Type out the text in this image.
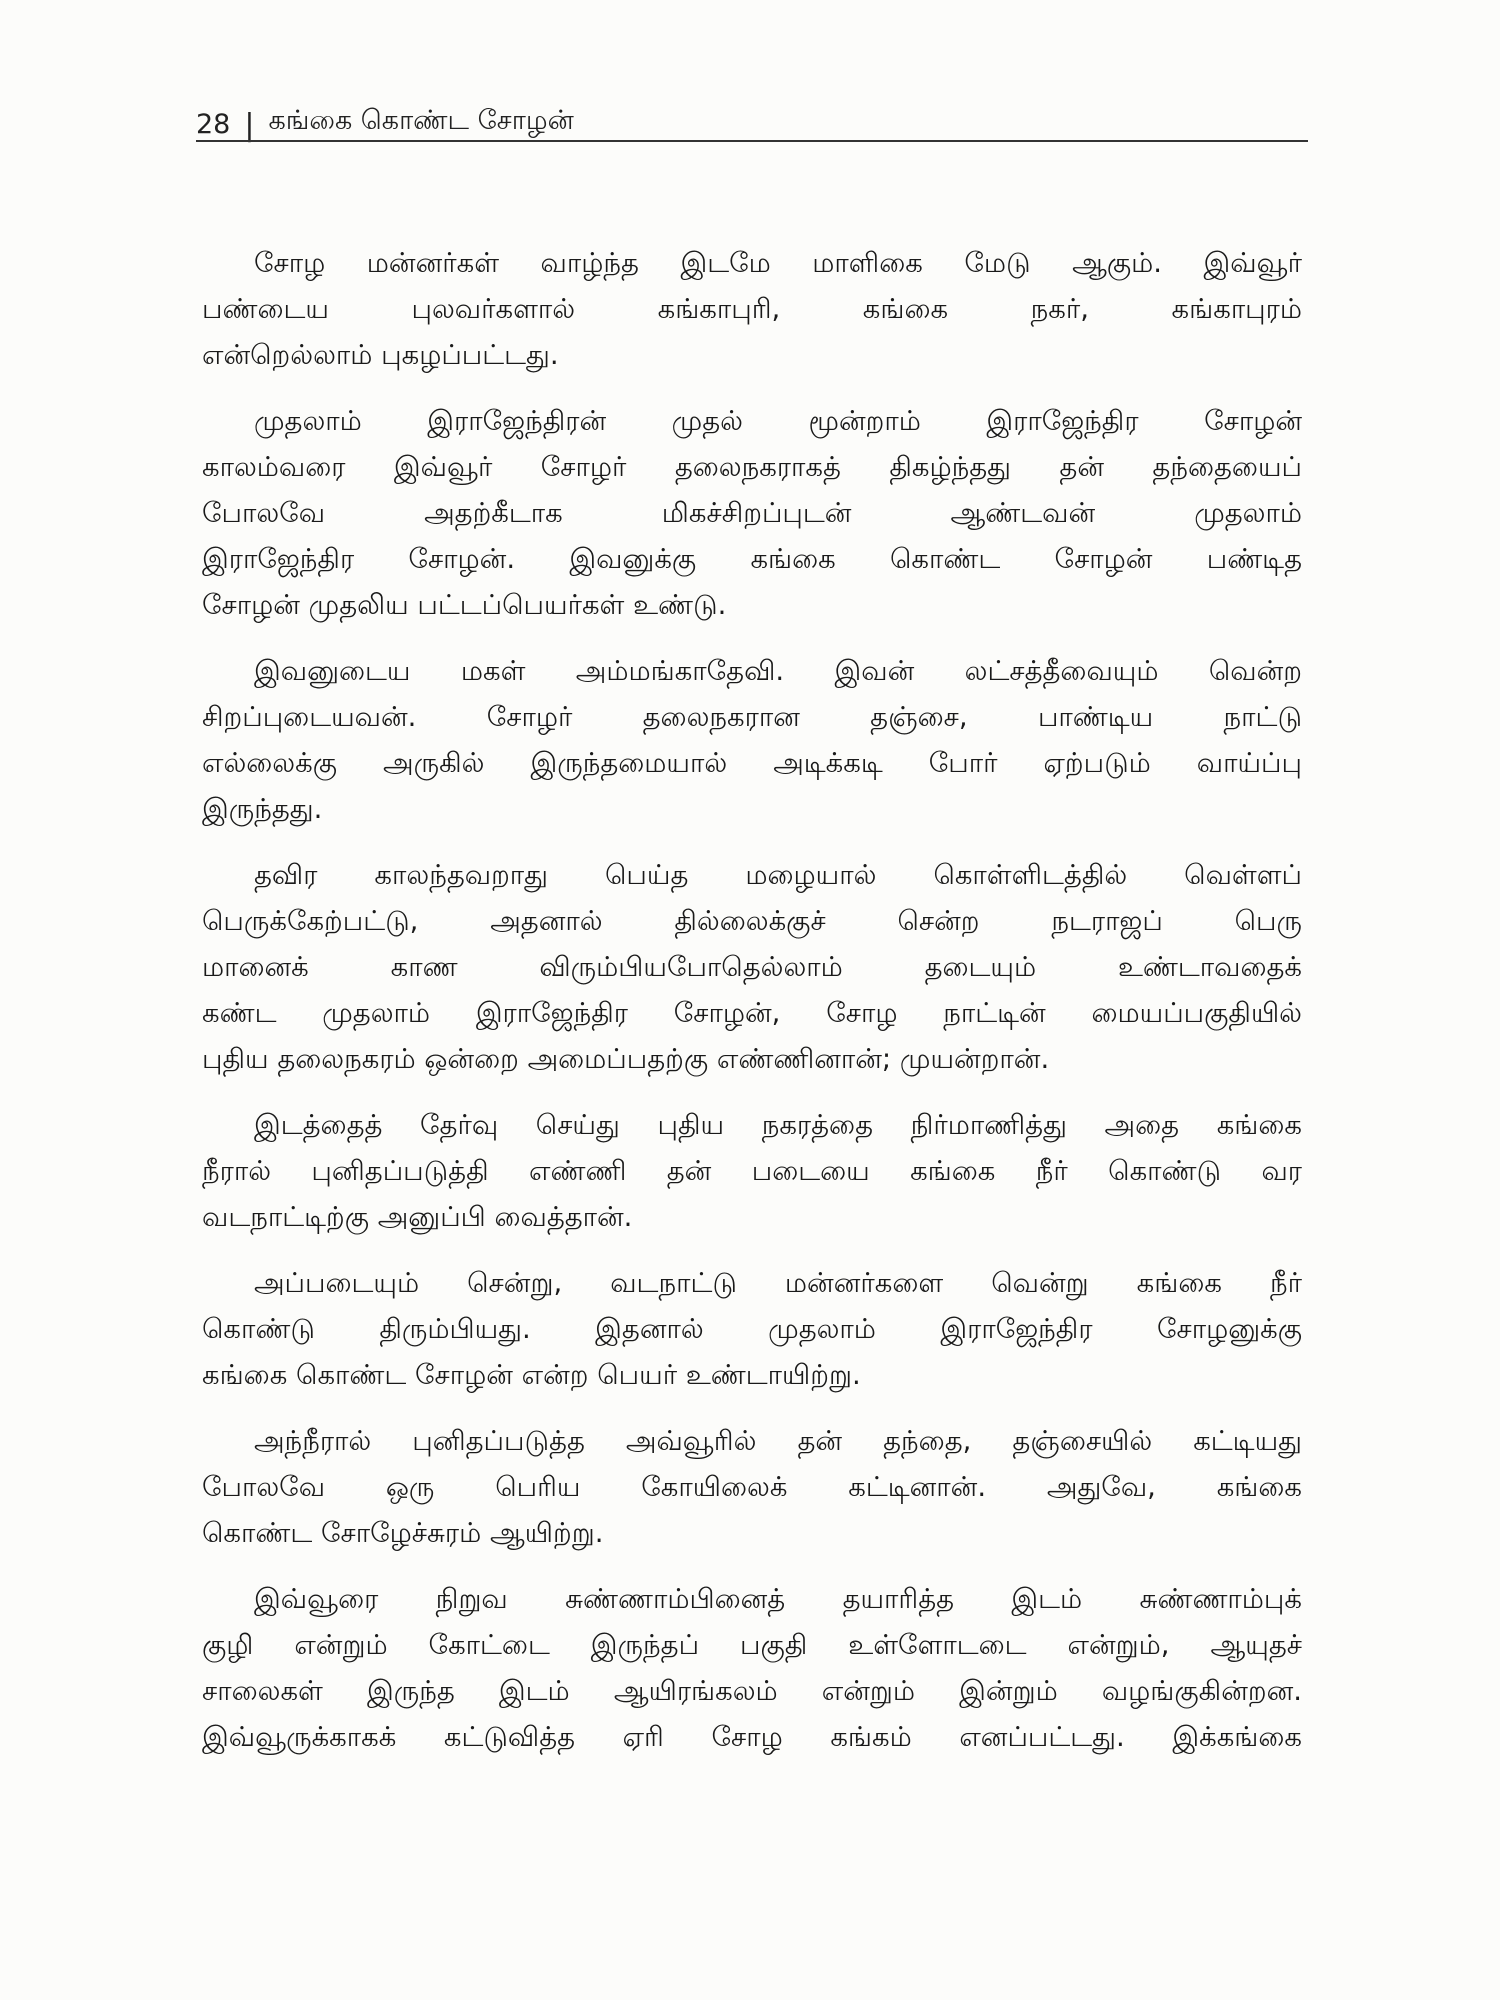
28 | கங்கை கொண்ட சோழன்
சோழ மன்னர்கள் வாழ்ந்த இடமே மாளிகை மேடு ஆகும். இவ்வூர்
பண்டைய புலவர்களால் கங்காபுரி, கங்கை நகர், கங்காபுரம்
என்றெல்லாம் புகழப்பட்டது.
முதலாம் இராஜேந்திரன் முதல் மூன்றாம் இராஜேந்திர சோழன்
காலம்வரை இவ்வூர் சோழர் தலைநகராகத் திகழ்ந்தது தன் தந்தையைப்
போலவே அதற்கீடாக மிகச்சிறப்புடன் ஆண்டவன் முதலாம்
இராஜேந்திர சோழன். இவனுக்கு கங்கை கொண்ட சோழன் பண்டித
சோழன் முதலிய பட்டப்பெயர்கள் உண்டு.
இவனுடைய மகள் அம்மங்காதேவி. இவன் லட்சத்தீவையும் வென்ற
சிறப்புடையவன். சோழர் தலைநகரான தஞ்சை, பாண்டிய நாட்டு
எல்லைக்கு அருகில் இருந்தமையால் அடிக்கடி போர் ஏற்படும் வாய்ப்பு
இருந்தது.
தவிர காலந்தவறாது பெய்த மழையால் கொள்ளிடத்தில் வெள்ளப்
பெருக்கேற்பட்டு, அதனால் தில்லைக்குச் சென்ற நடராஜப் பெரு
மானைக் காண விரும்பியபோதெல்லாம் தடையும் உண்டாவதைக்
கண்ட முதலாம் இராஜேந்திர சோழன், சோழ நாட்டின் மையப்பகுதியில்
புதிய தலைநகரம் ஒன்றை அமைப்பதற்கு எண்ணினான்; முயன்றான்.
இடத்தைத் தேர்வு செய்து புதிய நகரத்தை நிர்மாணித்து அதை கங்கை
நீரால் புனிதப்படுத்தி எண்ணி தன் படையை கங்கை நீர் கொண்டு வர
வடநாட்டிற்கு அனுப்பி வைத்தான்.
அப்படையும் சென்று, வடநாட்டு மன்னர்களை வென்று கங்கை நீர்
கொண்டு திரும்பியது. இதனால் முதலாம் இராஜேந்திர சோழனுக்கு
கங்கை கொண்ட சோழன் என்ற பெயர் உண்டாயிற்று.
அந்நீரால் புனிதப்படுத்த அவ்வூரில் தன் தந்தை, தஞ்சையில் கட்டியது
போலவே ஒரு பெரிய கோயிலைக் கட்டினான். அதுவே, கங்கை
கொண்ட சோழேச்சுரம் ஆயிற்று.
இவ்வூரை நிறுவ சுண்ணாம்பினைத் தயாரித்த இடம் சுண்ணாம்புக்
குழி என்றும் கோட்டை இருந்தப் பகுதி உள்ளோடடை என்றும், ஆயுதச்
சாலைகள் இருந்த இடம் ஆயிரங்கலம் என்றும் இன்றும் வழங்குகின்றன.
இவ்வூருக்காகக் கட்டுவித்த ஏரி சோழ கங்கம் எனப்பட்டது. இக்கங்கை
